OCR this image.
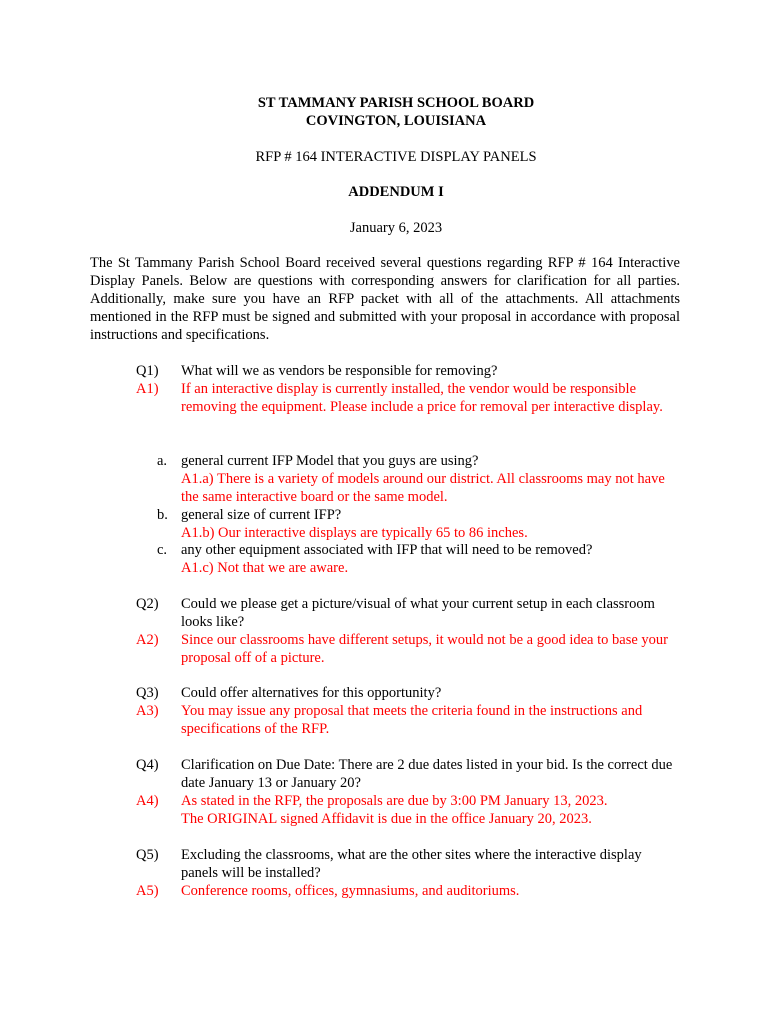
ST TAMMANY PARISH SCHOOL BOARD
COVINGTON, LOUISIANA
RFP # 164 INTERACTIVE DISPLAY PANELS
ADDENDUM I
January 6, 2023

The St Tammany Parish School Board received several questions regarding RFP # 164 Interactive Display Panels. Below are questions with corresponding answers for clarification for all parties. Additionally, make sure you have an RFP packet with all of the attachments. All attachments mentioned in the RFP must be signed and submitted with your proposal in accordance with proposal instructions and specifications.

Q1)	What will we as vendors be responsible for removing?

A1)	If an interactive display is currently installed, the vendor would be responsible removing the equipment. Please include a price for removal per interactive display.

a. general current IFP Model that you guys are using?

A1.a) There is a variety of models around our district. All classrooms may not have the same interactive board or the same model.

b. general size of current IFP?

A1.b) Our interactive displays are typically 65 to 86 inches.

c. any other equipment associated with IFP that will need to be removed?

A1.c) Not that we are aware.

Q2)	Could we please get a picture/visual of what your current setup in each classroom looks like?

A2)	Since our classrooms have different setups, it would not be a good idea to base your proposal off of a picture.

Q3)	Could offer alternatives for this opportunity?

A3)	You may issue any proposal that meets the criteria found in the instructions and specifications of the RFP.

Q4)	Clarification on Due Date: There are 2 due dates listed in your bid. Is the correct due date January 13 or January 20?

A4)	As stated in the RFP, the proposals are due by 3:00 PM January 13, 2023.

The ORIGINAL signed Affidavit is due in the office January 20, 2023.

Q5)	Excluding the classrooms, what are the other sites where the interactive display panels will be installed?

A5)	Conference rooms, offices, gymnasiums, and auditoriums.
